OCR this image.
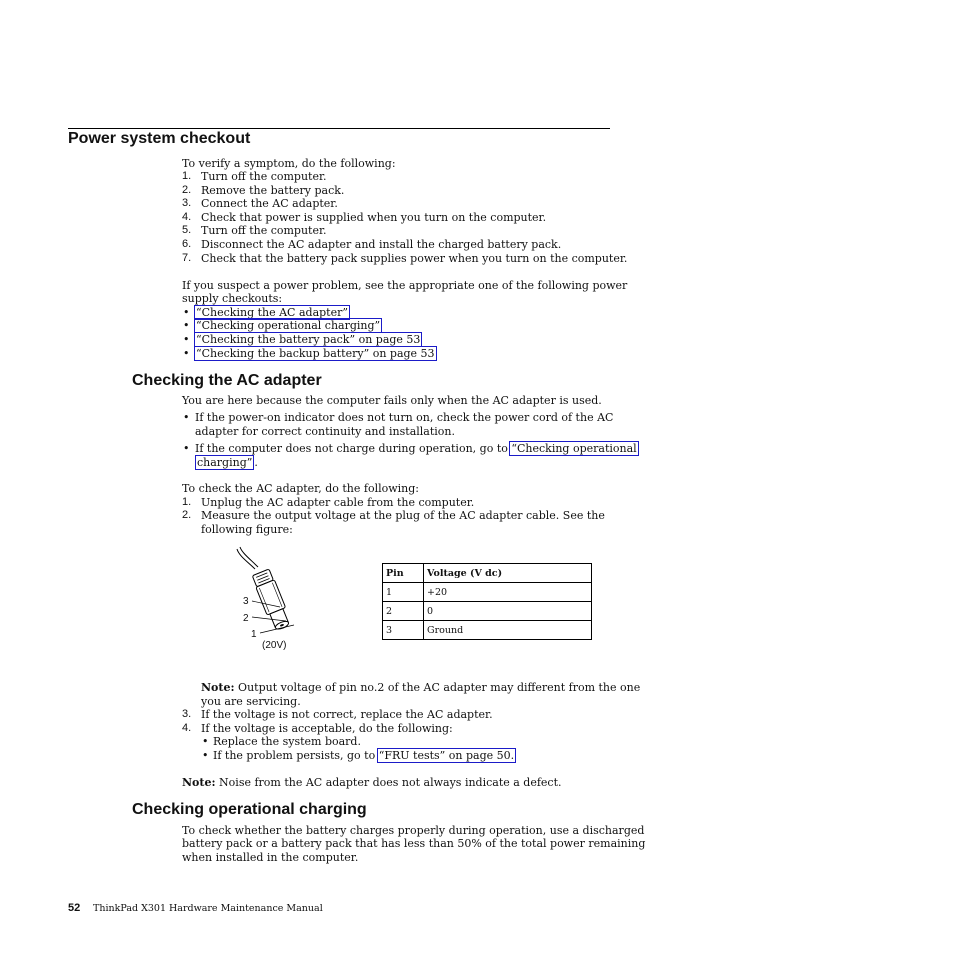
Power system checkout
To verify a symptom, do the following:
1. Turn off the computer.
2. Remove the battery pack.
3. Connect the AC adapter.
4. Check that power is supplied when you turn on the computer.
5. Turn off the computer.
6. Disconnect the AC adapter and install the charged battery pack.
7. Check that the battery pack supplies power when you turn on the computer.
If you suspect a power problem, see the appropriate one of the following power
supply checkouts:
• “Checking the AC adapter”
• “Checking operational charging”
• “Checking the battery pack” on page 53
• “Checking the backup battery” on page 53
Checking the AC adapter
You are here because the computer fails only when the AC adapter is used.
• If the power-on indicator does not turn on, check the power cord of the AC
adapter for correct continuity and installation.
• If the computer does not charge during operation, go to “Checking operational
charging” .
To check the AC adapter, do the following:
1. Unplug the AC adapter cable from the computer.
2. Measure the output voltage at the plug of the AC adapter cable. See the
following figure:
3
2
1
(20V)
Pin	Voltage (V dc)
1	+20
2	0
3	Ground
Note: Output voltage of pin no.2 of the AC adapter may different from the one
you are servicing.
3. If the voltage is not correct, replace the AC adapter.
4. If the voltage is acceptable, do the following:
• Replace the system board.
• If the problem persists, go to “FRU tests” on page 50.
Note: Noise from the AC adapter does not always indicate a defect.
Checking operational charging
To check whether the battery charges properly during operation, use a discharged
battery pack or a battery pack that has less than 50% of the total power remaining
when installed in the computer.
52 ThinkPad X301 Hardware Maintenance Manual
